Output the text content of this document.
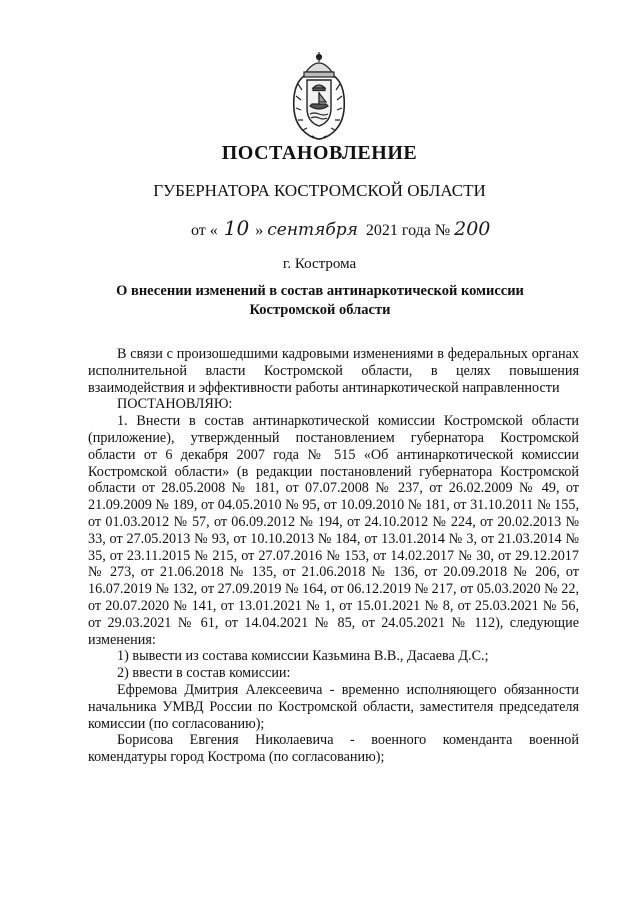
ПОСТАНОВЛЕНИЕ
ГУБЕРНАТОРА КОСТРОМСКОЙ ОБЛАСТИ
от « 10 » сентября 2021 года № 200
г. Кострома
О внесении изменений в состав антинаркотической комиссии
Костромской области

В связи с произошедшими кадровыми изменениями в федеральных органах исполнительной власти Костромской области, в целях повышения взаимодействия и эффективности работы антинаркотической направленности

ПОСТАНОВЛЯЮ:

1. Внести в состав антинаркотической комиссии Костромской области (приложение), утвержденный постановлением губернатора Костромской области от 6 декабря 2007 года № 515 «Об антинаркотической комиссии Костромской области» (в редакции постановлений губернатора Костромской области от 28.05.2008 № 181, от 07.07.2008 № 237, от 26.02.2009 № 49, от 21.09.2009 № 189, от 04.05.2010 № 95, от 10.09.2010 № 181, от 31.10.2011 № 155, от 01.03.2012 № 57, от 06.09.2012 № 194, от 24.10.2012 № 224, от 20.02.2013 № 33, от 27.05.2013 № 93, от 10.10.2013 № 184, от 13.01.2014 № 3, от 21.03.2014 № 35, от 23.11.2015 № 215, от 27.07.2016 № 153, от 14.02.2017 № 30, от 29.12.2017 № 273, от 21.06.2018 № 135, от 21.06.2018 № 136, от 20.09.2018 № 206, от 16.07.2019 № 132, от 27.09.2019 № 164, от 06.12.2019 № 217, от 05.03.2020 № 22, от 20.07.2020 № 141, от 13.01.2021 № 1, от 15.01.2021 № 8, от 25.03.2021 № 56, от 29.03.2021 № 61, от 14.04.2021 № 85, от 24.05.2021 № 112), следующие изменения:

1) вывести из состава комиссии Казьмина В.В., Дасаева Д.С.;

2) ввести в состав комиссии:

Ефремова Дмитрия Алексеевича - временно исполняющего обязанности начальника УМВД России по Костромской области, заместителя председателя комиссии (по согласованию);

Борисова Евгения Николаевича - военного коменданта военной комендатуры город Кострома (по согласованию);
